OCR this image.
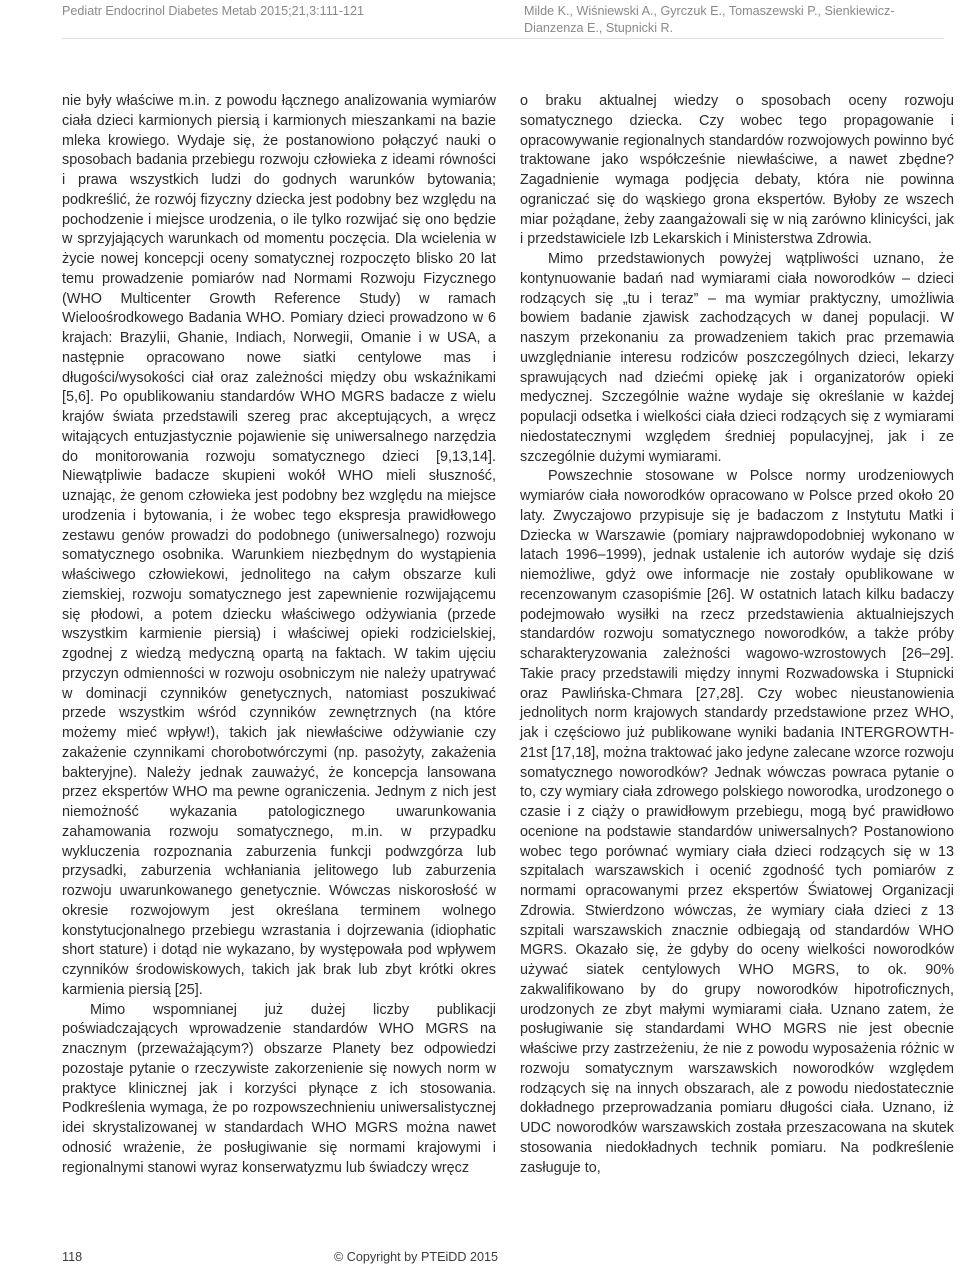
Pediatr Endocrinol Diabetes Metab 2015;21,3:111-121	Milde K., Wiśniewski A., Gyrczuk E., Tomaszewski P., Sienkiewicz-Dianzenza E., Stupnicki R.

nie były właściwe m.in. z powodu łącznego analizowania wymiarów ciała dzieci karmionych piersią i karmionych mieszankami na bazie mleka krowiego. Wydaje się, że postanowiono połączyć nauki o sposobach badania przebiegu rozwoju człowieka z ideami równości i prawa wszystkich ludzi do godnych warunków bytowania; podkreślić, że rozwój fizyczny dziecka jest podobny bez względu na pochodzenie i miejsce urodzenia, o ile tylko rozwijać się ono będzie w sprzyjających warunkach od momentu poczęcia. Dla wcielenia w życie nowej koncepcji oceny somatycznej rozpoczęto blisko 20 lat temu prowadzenie pomiarów nad Normami Rozwoju Fizycznego (WHO Multicenter Growth Reference Study) w ramach Wieloośrodkowego Badania WHO. Pomiary dzieci prowadzono w 6 krajach: Brazylii, Ghanie, Indiach, Norwegii, Omanie i w USA, a następnie opracowano nowe siatki centylowe mas i długości/wysokości ciał oraz zależności między obu wskaźnikami [5,6]. Po opublikowaniu standardów WHO MGRS badacze z wielu krajów świata przedstawili szereg prac akceptujących, a wręcz witających entuzjastycznie pojawienie się uniwersalnego narzędzia do monitorowania rozwoju somatycznego dzieci [9,13,14]. Niewątpliwie badacze skupieni wokół WHO mieli słuszność, uznając, że genom człowieka jest podobny bez względu na miejsce urodzenia i bytowania, i że wobec tego ekspresja prawidłowego zestawu genów prowadzi do podobnego (uniwersalnego) rozwoju somatycznego osobnika. Warunkiem niezbędnym do wystąpienia właściwego człowiekowi, jednolitego na całym obszarze kuli ziemskiej, rozwoju somatycznego jest zapewnienie rozwijającemu się płodowi, a potem dziecku właściwego odżywiania (przede wszystkim karmienie piersią) i właściwej opieki rodzicielskiej, zgodnej z wiedzą medyczną opartą na faktach. W takim ujęciu przyczyn odmienności w rozwoju osobniczym nie należy upatrywać w dominacji czynników genetycznych, natomiast poszukiwać przede wszystkim wśród czynników zewnętrznych (na które możemy mieć wpływ!), takich jak niewłaściwe odżywianie czy zakażenie czynnikami chorobotwórczymi (np. pasożyty, zakażenia bakteryjne). Należy jednak zauważyć, że koncepcja lansowana przez ekspertów WHO ma pewne ograniczenia. Jednym z nich jest niemożność wykazania patologicznego uwarunkowania zahamowania rozwoju somatycznego, m.in. w przypadku wykluczenia rozpoznania zaburzenia funkcji podwzgórza lub przysadki, zaburzenia wchłaniania jelitowego lub zaburzenia rozwoju uwarunkowanego genetycznie. Wówczas niskorosłość w okresie rozwojowym jest określana terminem wolnego konstytucjonalnego przebiegu wzrastania i dojrzewania (idiophatic short stature) i dotąd nie wykazano, by występowała pod wpływem czynników środowiskowych, takich jak brak lub zbyt krótki okres karmienia piersią [25].

Mimo wspomnianej już dużej liczby publikacji poświadczających wprowadzenie standardów WHO MGRS na znacznym (przeważającym?) obszarze Planety bez odpowiedzi pozostaje pytanie o rzeczywiste zakorzenienie się nowych norm w praktyce klinicznej jak i korzyści płynące z ich stosowania. Podkreślenia wymaga, że po rozpowszechnieniu uniwersalistycznej idei skrystalizowanej w standardach WHO MGRS można nawet odnosić wrażenie, że posługiwanie się normami krajowymi i regionalnymi stanowi wyraz konserwatyzmu lub świadczy wręcz

o braku aktualnej wiedzy o sposobach oceny rozwoju somatycznego dziecka. Czy wobec tego propagowanie i opracowywanie regionalnych standardów rozwojowych powinno być traktowane jako współcześnie niewłaściwe, a nawet zbędne? Zagadnienie wymaga podjęcia debaty, która nie powinna ograniczać się do wąskiego grona ekspertów. Byłoby ze wszech miar pożądane, żeby zaangażowali się w nią zarówno klinicyści, jak i przedstawiciele Izb Lekarskich i Ministerstwa Zdrowia.

Mimo przedstawionych powyżej wątpliwości uznano, że kontynuowanie badań nad wymiarami ciała noworodków – dzieci rodzących się „tu i teraz” – ma wymiar praktyczny, umożliwia bowiem badanie zjawisk zachodzących w danej populacji. W naszym przekonaniu za prowadzeniem takich prac przemawia uwzględnianie interesu rodziców poszczególnych dzieci, lekarzy sprawujących nad dziećmi opiekę jak i organizatorów opieki medycznej. Szczególnie ważne wydaje się określanie w każdej populacji odsetka i wielkości ciała dzieci rodzących się z wymiarami niedostatecznymi względem średniej populacyjnej, jak i ze szczególnie dużymi wymiarami.

Powszechnie stosowane w Polsce normy urodzeniowych wymiarów ciała noworodków opracowano w Polsce przed około 20 laty. Zwyczajowo przypisuje się je badaczom z Instytutu Matki i Dziecka w Warszawie (pomiary najprawdopodobniej wykonano w latach 1996–1999), jednak ustalenie ich autorów wydaje się dziś niemożliwe, gdyż owe informacje nie zostały opublikowane w recenzowanym czasopiśmie [26]. W ostatnich latach kilku badaczy podejmowało wysiłki na rzecz przedstawienia aktualniejszych standardów rozwoju somatycznego noworodków, a także próby scharakteryzowania zależności wagowo-wzrostowych [26–29]. Takie pracy przedstawili między innymi Rozwadowska i Stupnicki oraz Pawlińska-Chmara [27,28]. Czy wobec nieustanowienia jednolitych norm krajowych standardy przedstawione przez WHO, jak i częściowo już publikowane wyniki badania INTERGROWTH-21st [17,18], można traktować jako jedyne zalecane wzorce rozwoju somatycznego noworodków? Jednak wówczas powraca pytanie o to, czy wymiary ciała zdrowego polskiego noworodka, urodzonego o czasie i z ciąży o prawidłowym przebiegu, mogą być prawidłowo ocenione na podstawie standardów uniwersalnych? Postanowiono wobec tego porównać wymiary ciała dzieci rodzących się w 13 szpitalach warszawskich i ocenić zgodność tych pomiarów z normami opracowanymi przez ekspertów Światowej Organizacji Zdrowia. Stwierdzono wówczas, że wymiary ciała dzieci z 13 szpitali warszawskich znacznie odbiegają od standardów WHO MGRS. Okazało się, że gdyby do oceny wielkości noworodków używać siatek centylowych WHO MGRS, to ok. 90% zakwalifikowano by do grupy noworodków hipotroficznych, urodzonych ze zbyt małymi wymiarami ciała. Uznano zatem, że posługiwanie się standardami WHO MGRS nie jest obecnie właściwe przy zastrzeżeniu, że nie z powodu wyposażenia różnic w rozwoju somatycznym warszawskich noworodków względem rodzących się na innych obszarach, ale z powodu niedostatecznie dokładnego przeprowadzania pomiaru długości ciała. Uznano, iż UDC noworodków warszawskich została przeszacowana na skutek stosowania niedokładnych technik pomiaru. Na podkreślenie zasługuje to,

118	© Copyright by PTEiDD 2015
